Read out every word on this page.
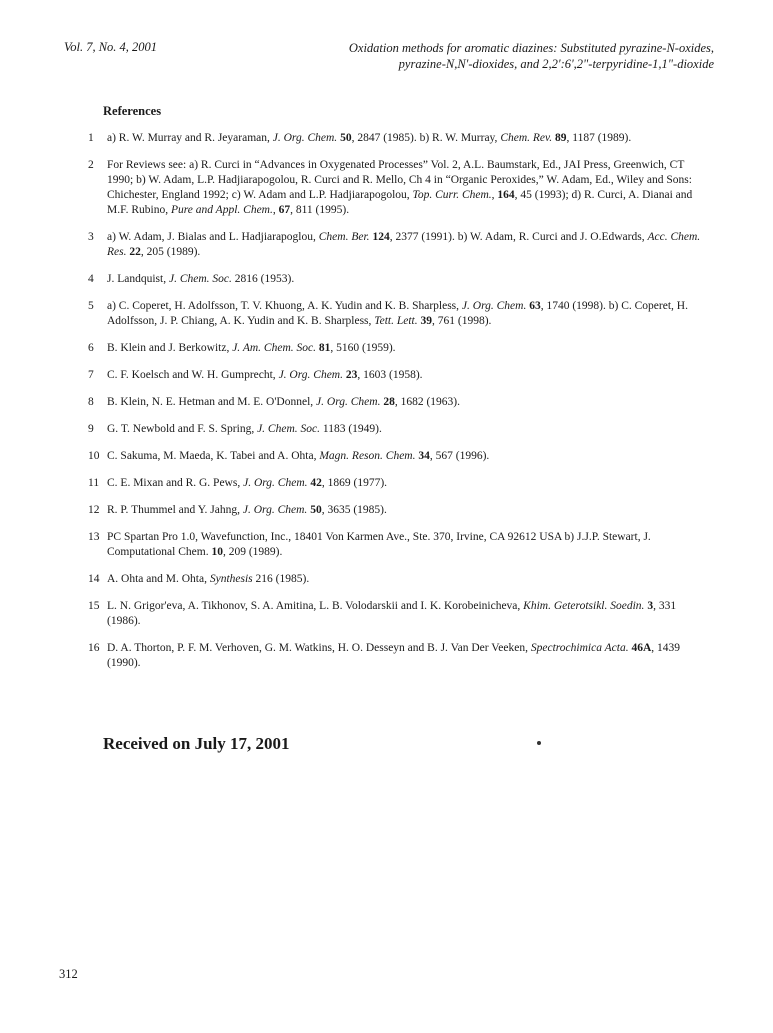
Vol. 7, No. 4, 2001	Oxidation methods for aromatic diazines: Substituted pyrazine-N-oxides,
pyrazine-N,N'-dioxides, and 2,2':6',2"-terpyridine-1,1"-dioxide
References
1	a) R. W. Murray and R. Jeyaraman, J. Org. Chem. 50, 2847 (1985). b) R. W. Murray, Chem. Rev. 89, 1187 (1989).
2	For Reviews see: a) R. Curci in “Advances in Oxygenated Processes” Vol. 2, A.L. Baumstark, Ed., JAI Press, Greenwich, CT 1990; b) W. Adam, L.P. Hadjiarapogolou, R. Curci and R. Mello, Ch 4 in “Organic Peroxides,” W. Adam, Ed., Wiley and Sons: Chichester, England 1992; c) W. Adam and L.P. Hadjiarapogolou, Top. Curr. Chem., 164, 45 (1993); d) R. Curci, A. Dianai and M.F. Rubino, Pure and Appl. Chem., 67, 811 (1995).
3	a) W. Adam, J. Bialas and L. Hadjiarapoglou, Chem. Ber. 124, 2377 (1991). b) W. Adam, R. Curci and J. O.Edwards, Acc. Chem. Res. 22, 205 (1989).
4	J. Landquist, J. Chem. Soc. 2816 (1953).
5	a) C. Coperet, H. Adolfsson, T. V. Khuong, A. K. Yudin and K. B. Sharpless, J. Org. Chem. 63, 1740 (1998). b) C. Coperet, H. Adolfsson, J. P. Chiang, A. K. Yudin and K. B. Sharpless, Tett. Lett. 39, 761 (1998).
6	B. Klein and J. Berkowitz, J. Am. Chem. Soc. 81, 5160 (1959).
7	C. F. Koelsch and W. H. Gumprecht, J. Org. Chem. 23, 1603 (1958).
8	B. Klein, N. E. Hetman and M. E. O'Donnel, J. Org. Chem. 28, 1682 (1963).
9	G. T. Newbold and F. S. Spring, J. Chem. Soc. 1183 (1949).
10 C. Sakuma, M. Maeda, K. Tabei and A. Ohta, Magn. Reson. Chem. 34, 567 (1996).
11 C. E. Mixan and R. G. Pews, J. Org. Chem. 42, 1869 (1977).
12 R. P. Thummel and Y. Jahng, J. Org. Chem. 50, 3635 (1985).
13 PC Spartan Pro 1.0, Wavefunction, Inc., 18401 Von Karmen Ave., Ste. 370, Irvine, CA 92612 USA b) J.J.P. Stewart, J. Computational Chem. 10, 209 (1989).
14 A. Ohta and M. Ohta, Synthesis 216 (1985).
15 L. N. Grigor'eva, A. Tikhonov, S. A. Amitina, L. B. Volodarskii and I. K. Korobeinicheva, Khim. Geterotsikl. Soedin. 3, 331 (1986).
16 D. A. Thorton, P. F. M. Verhoven, G. M. Watkins, H. O. Desseyn and B. J. Van Der Veeken, Spectrochimica Acta. 46A, 1439 (1990).
Received on July 17, 2001
312
